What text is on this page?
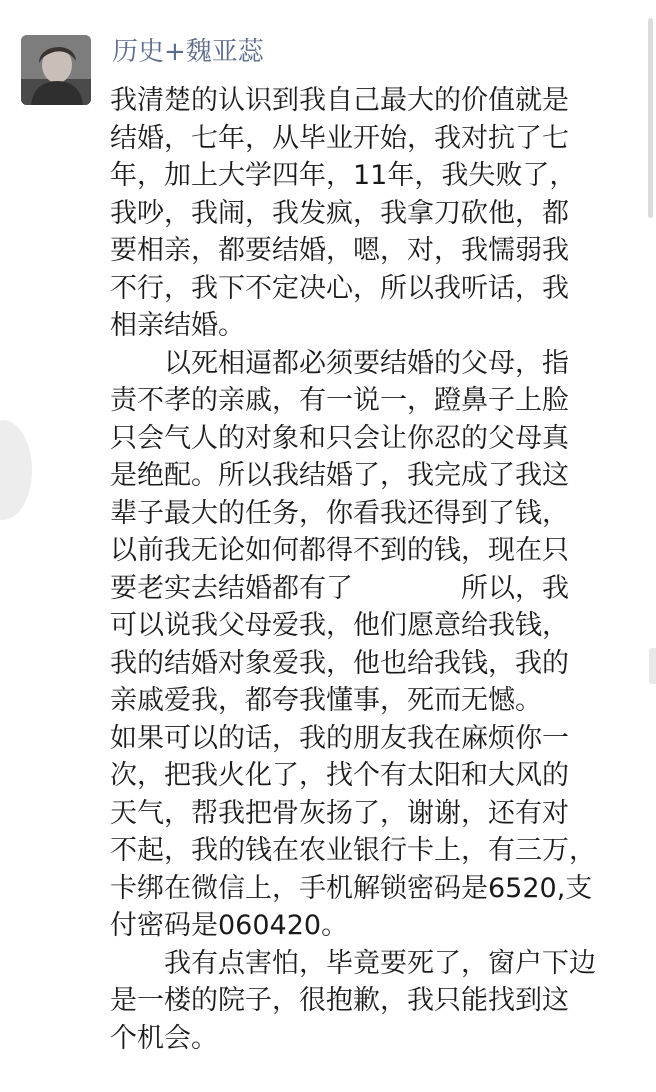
历史+魏亚蕊

我清楚的认识到我自己最大的价值就是
结婚，七年，从毕业开始，我对抗了七
年，加上大学四年，11年，我失败了，
我吵，我闹，我发疯，我拿刀砍他，都
要相亲，都要结婚，嗯，对，我懦弱我
不行，我下不定决心，所以我听话，我
相亲结婚。

　　以死相逼都必须要结婚的父母，指
责不孝的亲戚，有一说一，蹬鼻子上脸
只会气人的对象和只会让你忍的父母真
是绝配。所以我结婚了，我完成了我这
辈子最大的任务，你看我还得到了钱，
以前我无论如何都得不到的钱，现在只
要老实去结婚都有了　　　　所以，我
可以说我父母爱我，他们愿意给我钱，
我的结婚对象爱我，他也给我钱，我的
亲戚爱我，都夸我懂事，死而无憾。

如果可以的话，我的朋友我在麻烦你一
次，把我火化了，找个有太阳和大风的
天气，帮我把骨灰扬了，谢谢，还有对
不起，我的钱在农业银行卡上，有三万，
卡绑在微信上，手机解锁密码是6520,支
付密码是060420。

　　我有点害怕，毕竟要死了，窗户下边
是一楼的院子，很抱歉，我只能找到这
个机会。
